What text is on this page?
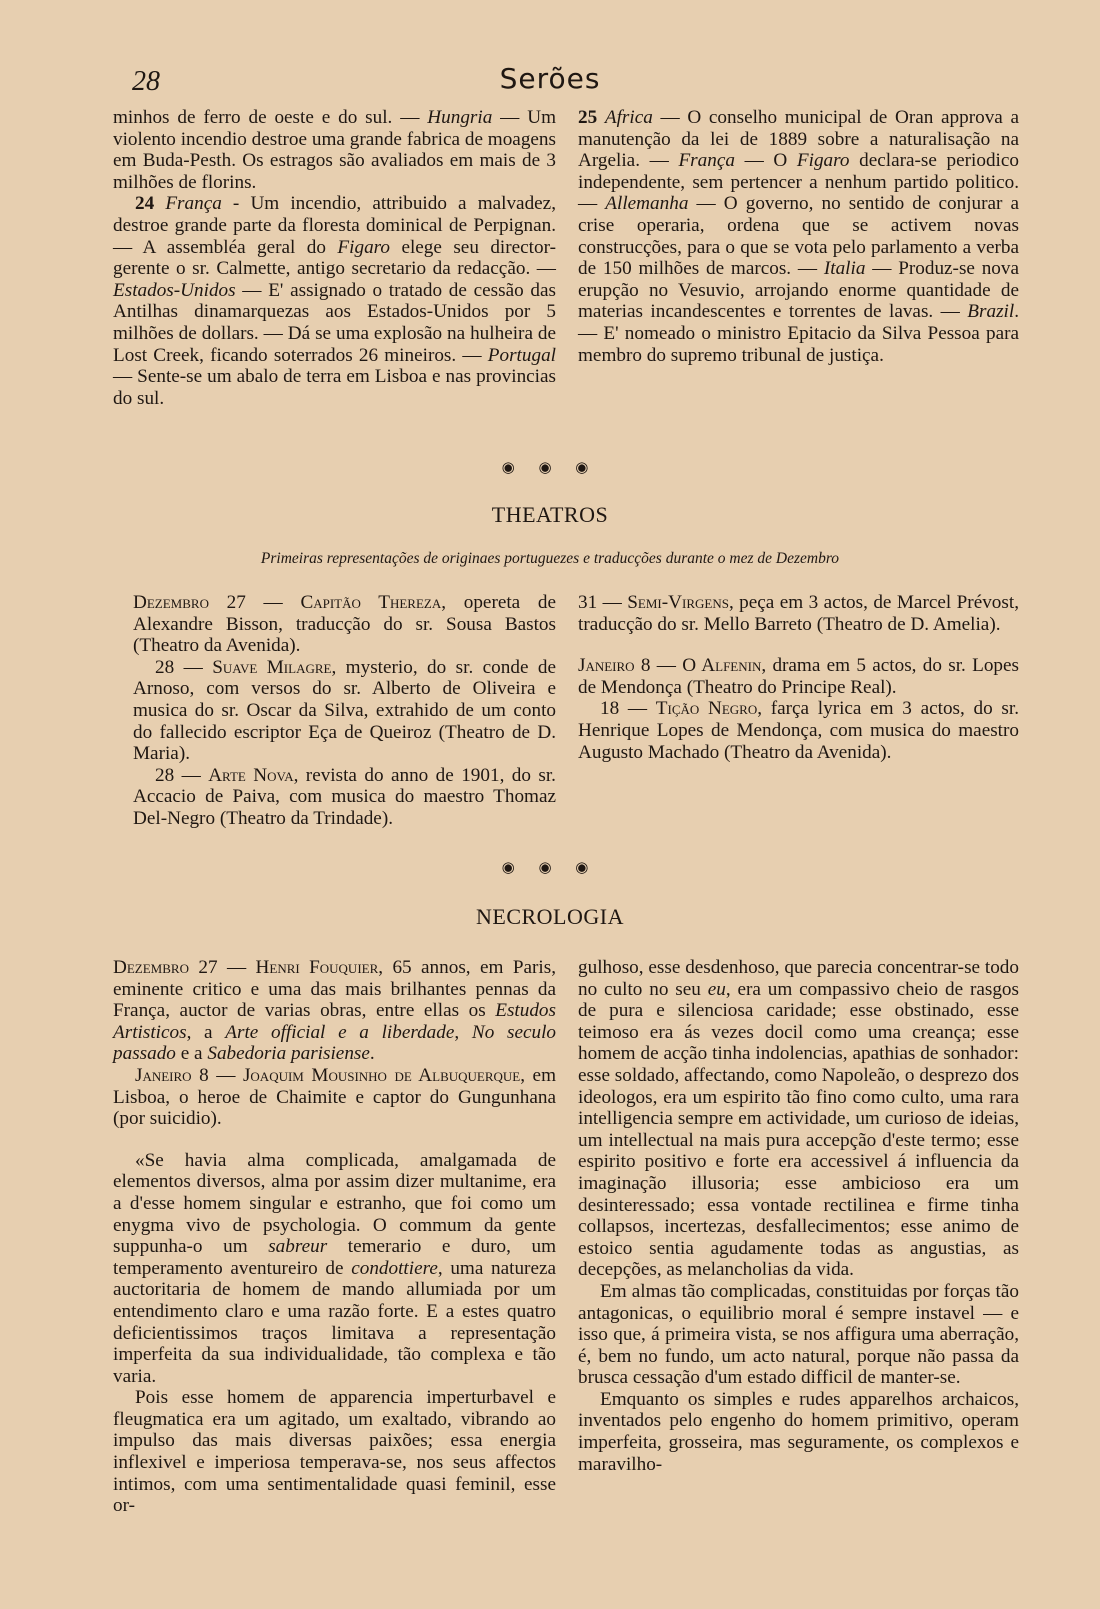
28	Serões

minhos de ferro de oeste e do sul. — Hungria — Um violento incendio destroe uma grande fabrica de moagens em Buda-Pesth. Os estragos são avaliados em mais de 3 milhões de florins.

24 França - Um incendio, attribuido a malvadez, destroe grande parte da floresta dominical de Perpignan. — A assembléa geral do Figaro elege seu director-gerente o sr. Calmette, antigo secretario da redacção. — Estados-Unidos — E' assignado o tratado de cessão das Antilhas dinamarquezas aos Estados-Unidos por 5 milhões de dollars. — Dá se uma explosão na hulheira de Lost Creek, ficando soterrados 26 mineiros. — Portugal — Sente-se um abalo de terra em Lisboa e nas provincias do sul.

25 Africa — O conselho municipal de Oran approva a manutenção da lei de 1889 sobre a naturalisação na Argelia. — França — O Figaro declara-se periodico independente, sem pertencer a nenhum partido politico. — Allemanha — O governo, no sentido de conjurar a crise operaria, ordena que se activem novas construcções, para o que se vota pelo parlamento a verba de 150 milhões de marcos. — Italia — Produz-se nova erupção no Vesuvio, arrojando enorme quantidade de materias incandescentes e torrentes de lavas. — Brazil. — E' nomeado o ministro Epitacio da Silva Pessoa para membro do supremo tribunal de justiça.

◉ ◉ ◉
THEATROS
Primeiras representações de originaes portuguezes e traducções durante o mez de Dezembro

Dezembro 27 — Capitão Thereza, opereta de Alexandre Bisson, traducção do sr. Sousa Bastos (Theatro da Avenida).

28 — Suave Milagre, mysterio, do sr. conde de Arnoso, com versos do sr. Alberto de Oliveira e musica do sr. Oscar da Silva, extrahido de um conto do fallecido escriptor Eça de Queiroz (Theatro de D. Maria).

28 — Arte Nova, revista do anno de 1901, do sr. Accacio de Paiva, com musica do maestro Thomaz Del-Negro (Theatro da Trindade).

31 — Semi-Virgens, peça em 3 actos, de Marcel Prévost, traducção do sr. Mello Barreto (Theatro de D. Amelia).

Janeiro 8 — O Alfenin, drama em 5 actos, do sr. Lopes de Mendonça (Theatro do Principe Real).

18 — Tição Negro, farça lyrica em 3 actos, do sr. Henrique Lopes de Mendonça, com musica do maestro Augusto Machado (Theatro da Avenida).

◉ ◉ ◉
NECROLOGIA

Dezembro 27 — Henri Fouquier, 65 annos, em Paris, eminente critico e uma das mais brilhantes pennas da França, auctor de varias obras, entre ellas os Estudos Artisticos, a Arte official e a liberdade, No seculo passado e a Sabedoria parisiense.

Janeiro 8 — Joaquim Mousinho de Albuquerque, em Lisboa, o heroe de Chaimite e captor do Gungunhana (por suicidio).

«Se havia alma complicada, amalgamada de elementos diversos, alma por assim dizer multanime, era a d'esse homem singular e estranho, que foi como um enygma vivo de psychologia. O commum da gente suppunha-o um sabreur temerario e duro, um temperamento aventureiro de condottiere, uma natureza auctoritaria de homem de mando allumiada por um entendimento claro e uma razão forte. E a estes quatro deficientissimos traços limitava a representação imperfeita da sua individualidade, tão complexa e tão varia.

Pois esse homem de apparencia imperturbavel e fleugmatica era um agitado, um exaltado, vibrando ao impulso das mais diversas paixões; essa energia inflexivel e imperiosa temperava-se, nos seus affectos intimos, com uma sentimentalidade quasi feminil, esse or-

gulhoso, esse desdenhoso, que parecia concentrar-se todo no culto no seu eu, era um compassivo cheio de rasgos de pura e silenciosa caridade; esse obstinado, esse teimoso era ás vezes docil como uma creança; esse homem de acção tinha indolencias, apathias de sonhador: esse soldado, affectando, como Napoleão, o desprezo dos ideologos, era um espirito tão fino como culto, uma rara intelligencia sempre em actividade, um curioso de ideias, um intellectual na mais pura accepção d'este termo; esse espirito positivo e forte era accessivel á influencia da imaginação illusoria; esse ambicioso era um desinteressado; essa vontade rectilinea e firme tinha collapsos, incertezas, desfallecimentos; esse animo de estoico sentia agudamente todas as angustias, as decepções, as melancholias da vida.

Em almas tão complicadas, constituidas por forças tão antagonicas, o equilibrio moral é sempre instavel — e isso que, á primeira vista, se nos affigura uma aberração, é, bem no fundo, um acto natural, porque não passa da brusca cessação d'um estado difficil de manter-se.

Emquanto os simples e rudes apparelhos archaicos, inventados pelo engenho do homem primitivo, operam imperfeita, grosseira, mas seguramente, os complexos e maravilho-
